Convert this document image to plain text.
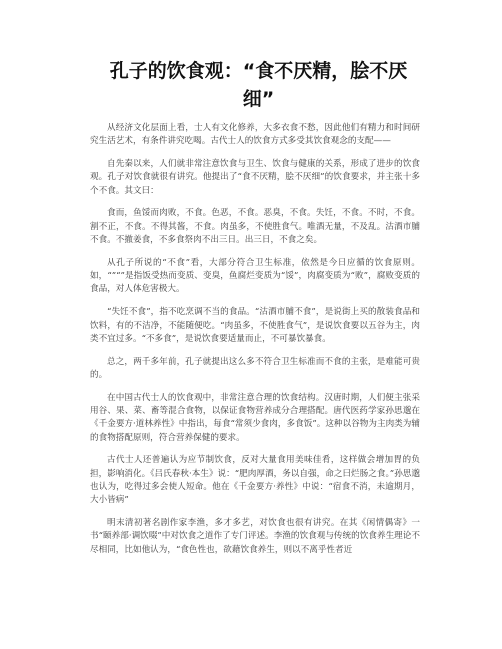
孔子的饮食观：“食不厌精，脍不厌细”

从经济文化层面上看，士人有文化修养，大多衣食不愁，因此他们有精力和时间研究生活艺术，有条件讲究吃喝。古代士人的饮食方式多受其饮食观念的支配——

自先秦以来，人们就非常注意饮食与卫生、饮食与健康的关系，形成了进步的饮食观。孔子对饮食就很有讲究。他提出了“食不厌精，脍不厌细”的饮食要求，并主张十多个不食。其文曰：

食而，鱼馁而肉败，不食。色恶，不食。恶臭，不食。失饪，不食。不时，不食。割不正，不食。不得其酱，不食。肉虽多，不使胜食气。唯酒无量，不及乱。沽酒市脯不食。不撤姜食，不多食祭肉不出三日。出三日，不食之矣。

从孔子所说的“不食”看，大部分符合卫生标准，依然是今日应循的饮食原则。如，“”“”是指饭受热而变质、变臭，鱼腐烂变质为“馁”，肉腐变质为“败”，腐败变质的食品，对人体危害极大。

“失饪不食”，指不吃烹调不当的食品。“沽酒市脯不食”，是说街上买的散装食品和饮料，有的不洁净，不能随便吃。“肉虽多，不使胜食气”，是说饮食要以五谷为主，肉类不宜过多。“不多食”，是说饮食要适量而止，不可暴饮暴食。

总之，两千多年前，孔子就提出这么多不符合卫生标准而不食的主张，是难能可贵的。

在中国古代士人的饮食观中，非常注意合理的饮食结构。汉唐时期，人们便主张采用谷、果、菜、畜等混合食物，以保证食物营养成分合理搭配。唐代医药学家孙思邈在《千金要方·道林养性》中指出，每食“常须少食肉，多食饭”。这种以谷物为主肉类为辅的食物搭配原则，符合营养保健的要求。

古代士人还普遍认为应节制饮食，反对大量食用美味佳肴，这样做会增加胃的负担，影响消化。《吕氏春秋·本生》说：“肥肉厚酒，务以自强，命之曰烂肠之食。”孙思邈也认为，吃得过多会使人短命。他在《千金要方·养性》中说：“宿食不消，未逾期月，大小皆病”

明末清初著名剧作家李渔，多才多艺，对饮食也很有讲究。在其《闲情偶寄》一书“颐养部·调饮啜”中对饮食之道作了专门评述。李渔的饮食观与传统的饮食养生理论不尽相同，比如他认为，“食色性也，欲藉饮食养生，则以不离乎性者近
